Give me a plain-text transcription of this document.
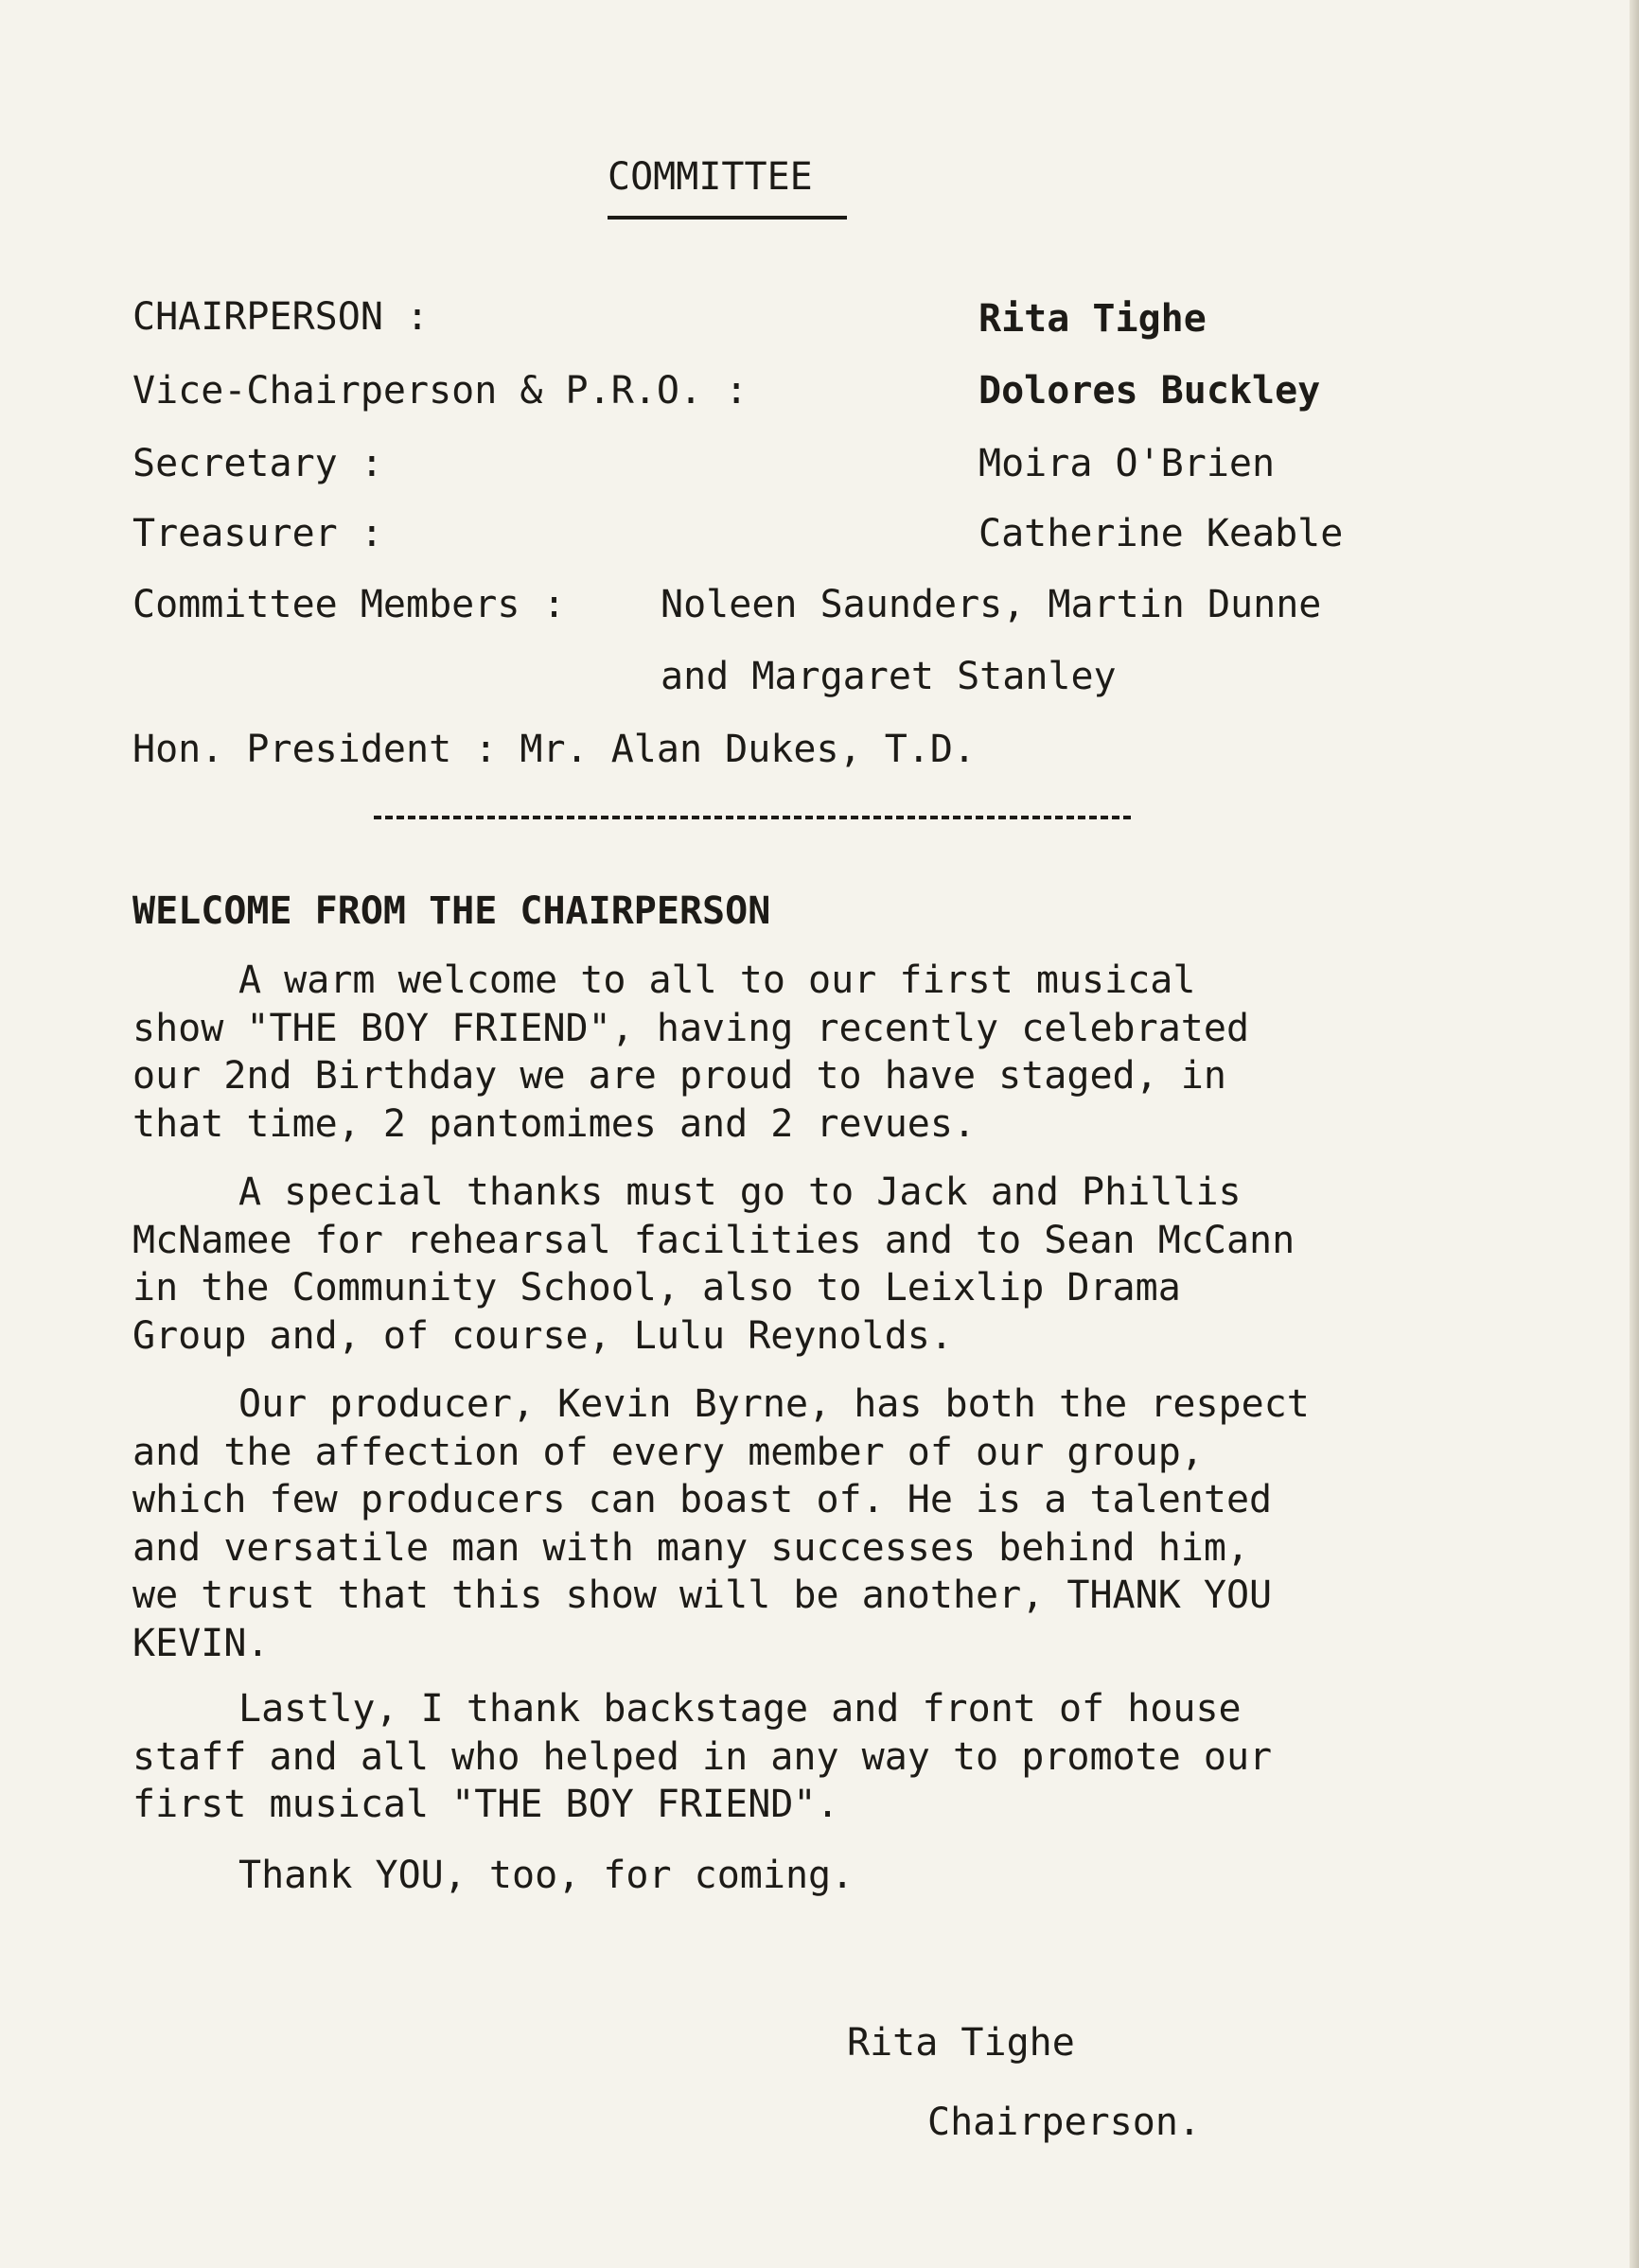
COMMITTEE
CHAIRPERSON :	Rita Tighe
Vice-Chairperson & P.R.O. :	Dolores Buckley
Secretary :	Moira O'Brien
Treasurer :	Catherine Keable
Committee Members :	Noleen Saunders, Martin Dunne
and Margaret Stanley
Hon. President : Mr. Alan Dukes, T.D.
WELCOME FROM THE CHAIRPERSON
A warm welcome to all to our first musical
show "THE BOY FRIEND", having recently celebrated
our 2nd Birthday we are proud to have staged, in
that time, 2 pantomimes and 2 revues.
A special thanks must go to Jack and Phillis
McNamee for rehearsal facilities and to Sean McCann
in the Community School, also to Leixlip Drama
Group and, of course, Lulu Reynolds.
Our producer, Kevin Byrne, has both the respect
and the affection of every member of our group,
which few producers can boast of. He is a talented
and versatile man with many successes behind him,
we trust that this show will be another, THANK YOU
KEVIN.
Lastly, I thank backstage and front of house
staff and all who helped in any way to promote our
first musical "THE BOY FRIEND".
Thank YOU, too, for coming.
Rita Tighe
Chairperson.
